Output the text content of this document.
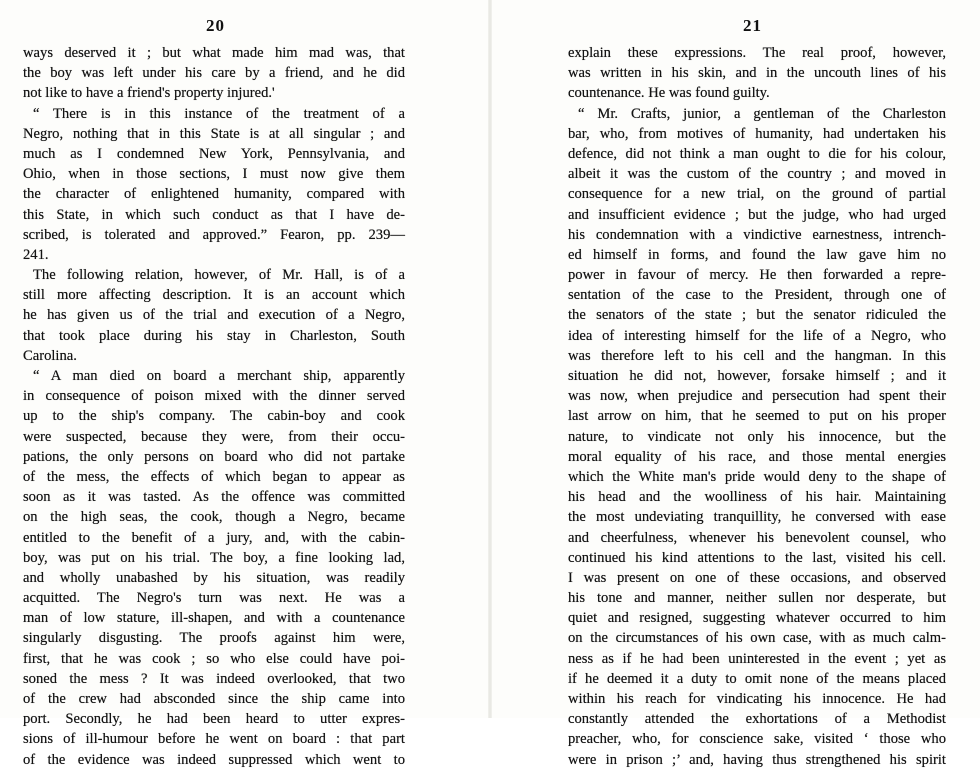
20
ways deserved it ; but what made him mad was, that
the boy was left under his care by a friend, and he did
not like to have a friend's property injured.'
“ There is in this instance of the treatment of a
Negro, nothing that in this State is at all singular ; and
much as I condemned New York, Pennsylvania, and
Ohio, when in those sections, I must now give them
the character of enlightened humanity, compared with
this State, in which such conduct as that I have de-
scribed, is tolerated and approved.” Fearon, pp. 239—
241.
The following relation, however, of Mr. Hall, is of a
still more affecting description. It is an account which
he has given us of the trial and execution of a Negro,
that took place during his stay in Charleston, South
Carolina.
“ A man died on board a merchant ship, apparently
in consequence of poison mixed with the dinner served
up to the ship's company. The cabin-boy and cook
were suspected, because they were, from their occu-
pations, the only persons on board who did not partake
of the mess, the effects of which began to appear as
soon as it was tasted. As the offence was committed
on the high seas, the cook, though a Negro, became
entitled to the benefit of a jury, and, with the cabin-
boy, was put on his trial. The boy, a fine looking lad,
and wholly unabashed by his situation, was readily
acquitted. The Negro's turn was next. He was a
man of low stature, ill-shapen, and with a countenance
singularly disgusting. The proofs against him were,
first, that he was cook ; so who else could have poi-
soned the mess ? It was indeed overlooked, that two
of the crew had absconded since the ship came into
port. Secondly, he had been heard to utter expres-
sions of ill-humour before he went on board : that part
of the evidence was indeed suppressed which went to
21
explain these expressions. The real proof, however,
was written in his skin, and in the uncouth lines of his
countenance. He was found guilty.
“ Mr. Crafts, junior, a gentleman of the Charleston
bar, who, from motives of humanity, had undertaken his
defence, did not think a man ought to die for his colour,
albeit it was the custom of the country ; and moved in
consequence for a new trial, on the ground of partial
and insufficient evidence ; but the judge, who had urged
his condemnation with a vindictive earnestness, intrench-
ed himself in forms, and found the law gave him no
power in favour of mercy. He then forwarded a repre-
sentation of the case to the President, through one of
the senators of the state ; but the senator ridiculed the
idea of interesting himself for the life of a Negro, who
was therefore left to his cell and the hangman. In this
situation he did not, however, forsake himself ; and it
was now, when prejudice and persecution had spent their
last arrow on him, that he seemed to put on his proper
nature, to vindicate not only his innocence, but the
moral equality of his race, and those mental energies
which the White man's pride would deny to the shape of
his head and the woolliness of his hair. Maintaining
the most undeviating tranquillity, he conversed with ease
and cheerfulness, whenever his benevolent counsel, who
continued his kind attentions to the last, visited his cell.
I was present on one of these occasions, and observed
his tone and manner, neither sullen nor desperate, but
quiet and resigned, suggesting whatever occurred to him
on the circumstances of his own case, with as much calm-
ness as if he had been uninterested in the event ; yet as
if he deemed it a duty to omit none of the means placed
within his reach for vindicating his innocence. He had
constantly attended the exhortations of a Methodist
preacher, who, for conscience sake, visited ‘ those who
were in prison ;’ and, having thus strengthened his spirit
